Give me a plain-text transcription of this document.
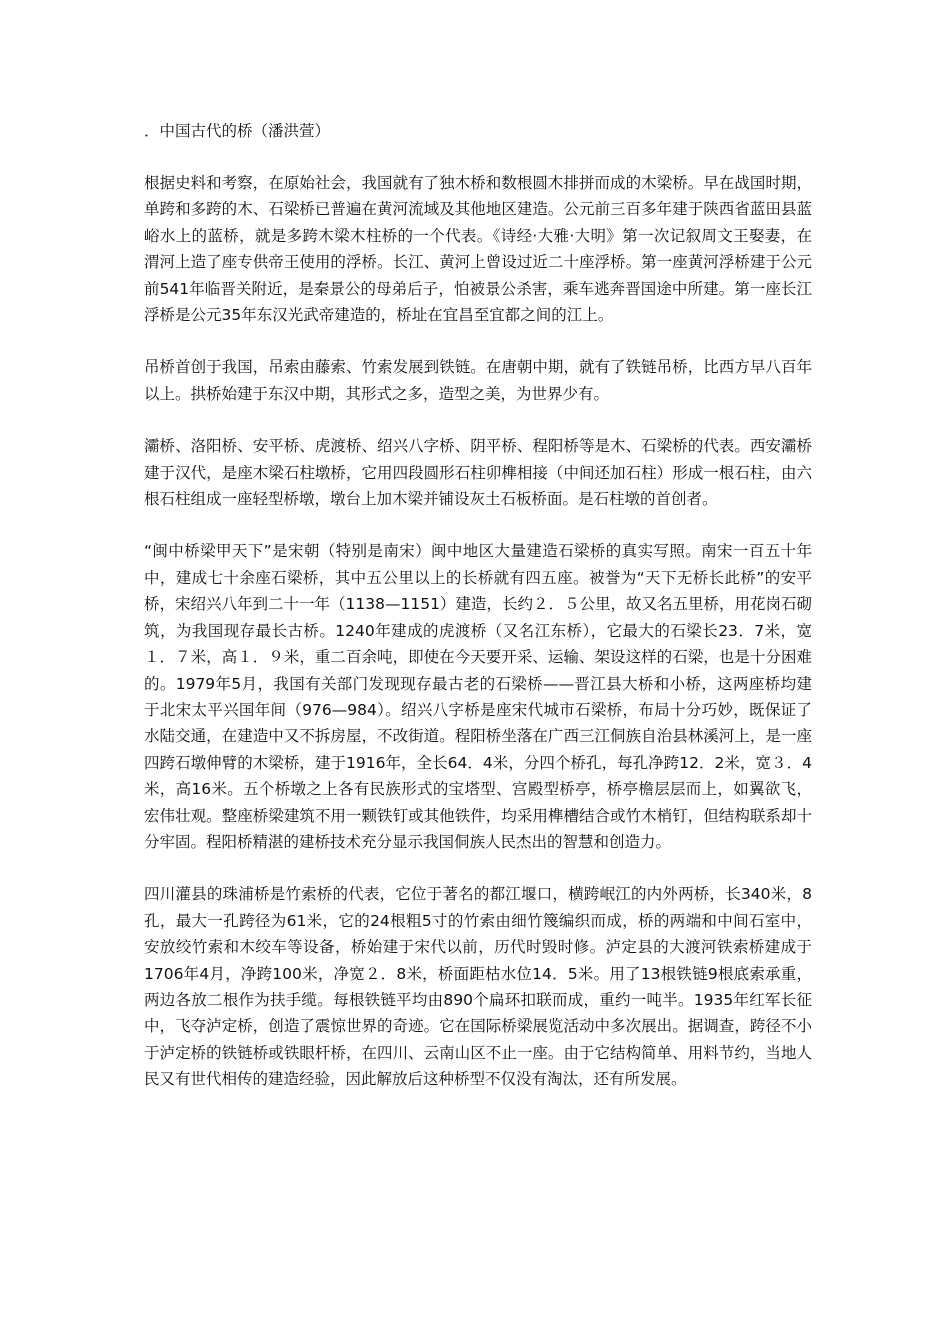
．中国古代的桥（潘洪萱）
根据史料和考察，在原始社会，我国就有了独木桥和数根圆木排拼而成的木梁桥。早在战国时期，单跨和多跨的木、石梁桥已普遍在黄河流域及其他地区建造。公元前三百多年建于陕西省蓝田县蓝峪水上的蓝桥，就是多跨木梁木柱桥的一个代表。《诗经·大雅·大明》第一次记叙周文王娶妻，在渭河上造了座专供帝王使用的浮桥。长江、黄河上曾设过近二十座浮桥。第一座黄河浮桥建于公元前541年临晋关附近，是秦景公的母弟后子，怕被景公杀害，乘车逃奔晋国途中所建。第一座长江浮桥是公元35年东汉光武帝建造的，桥址在宜昌至宜都之间的江上。
吊桥首创于我国，吊索由藤索、竹索发展到铁链。在唐朝中期，就有了铁链吊桥，比西方早八百年以上。拱桥始建于东汉中期，其形式之多，造型之美，为世界少有。
灞桥、洛阳桥、安平桥、虎渡桥、绍兴八字桥、阴平桥、程阳桥等是木、石梁桥的代表。西安灞桥建于汉代，是座木梁石柱墩桥，它用四段圆形石柱卯榫相接（中间还加石柱）形成一根石柱，由六根石柱组成一座轻型桥墩，墩台上加木梁并铺设灰土石板桥面。是石柱墩的首创者。
“闽中桥梁甲天下”是宋朝（特别是南宋）闽中地区大量建造石梁桥的真实写照。南宋一百五十年中，建成七十余座石梁桥，其中五公里以上的长桥就有四五座。被誉为“天下无桥长此桥”的安平桥，宋绍兴八年到二十一年（1138—1151）建造，长约２．５公里，故又名五里桥，用花岗石砌筑，为我国现存最长古桥。1240年建成的虎渡桥（又名江东桥），它最大的石梁长23．7米，宽１．７米，高１．９米，重二百余吨，即使在今天要开采、运输、架设这样的石梁，也是十分困难的。1979年5月，我国有关部门发现现存最古老的石梁桥——晋江县大桥和小桥，这两座桥均建于北宋太平兴国年间（976—984）。绍兴八字桥是座宋代城市石梁桥，布局十分巧妙，既保证了水陆交通，在建造中又不拆房屋，不改街道。程阳桥坐落在广西三江侗族自治县林溪河上，是一座四跨石墩伸臂的木梁桥，建于1916年，全长64．4米，分四个桥孔，每孔净跨12．2米，宽３．4米，高16米。五个桥墩之上各有民族形式的宝塔型、宫殿型桥亭，桥亭檐层层而上，如翼欲飞，宏伟壮观。整座桥梁建筑不用一颗铁钉或其他铁件，均采用榫槽结合或竹木梢钉，但结构联系却十分牢固。程阳桥精湛的建桥技术充分显示我国侗族人民杰出的智慧和创造力。
四川灌县的珠浦桥是竹索桥的代表，它位于著名的都江堰口，横跨岷江的内外两桥，长340米，8孔，最大一孔跨径为61米，它的24根粗5寸的竹索由细竹篾编织而成，桥的两端和中间石室中，安放绞竹索和木绞车等设备，桥始建于宋代以前，历代时毁时修。泸定县的大渡河铁索桥建成于1706年4月，净跨100米，净宽２．8米，桥面距枯水位14．5米。用了13根铁链9根底索承重，两边各放二根作为扶手缆。每根铁链平均由890个扁环扣联而成，重约一吨半。1935年红军长征中，飞夺泸定桥，创造了震惊世界的奇迹。它在国际桥梁展览活动中多次展出。据调查，跨径不小于泸定桥的铁链桥或铁眼杆桥，在四川、云南山区不止一座。由于它结构简单、用料节约，当地人民又有世代相传的建造经验，因此解放后这种桥型不仅没有淘汰，还有所发展。
